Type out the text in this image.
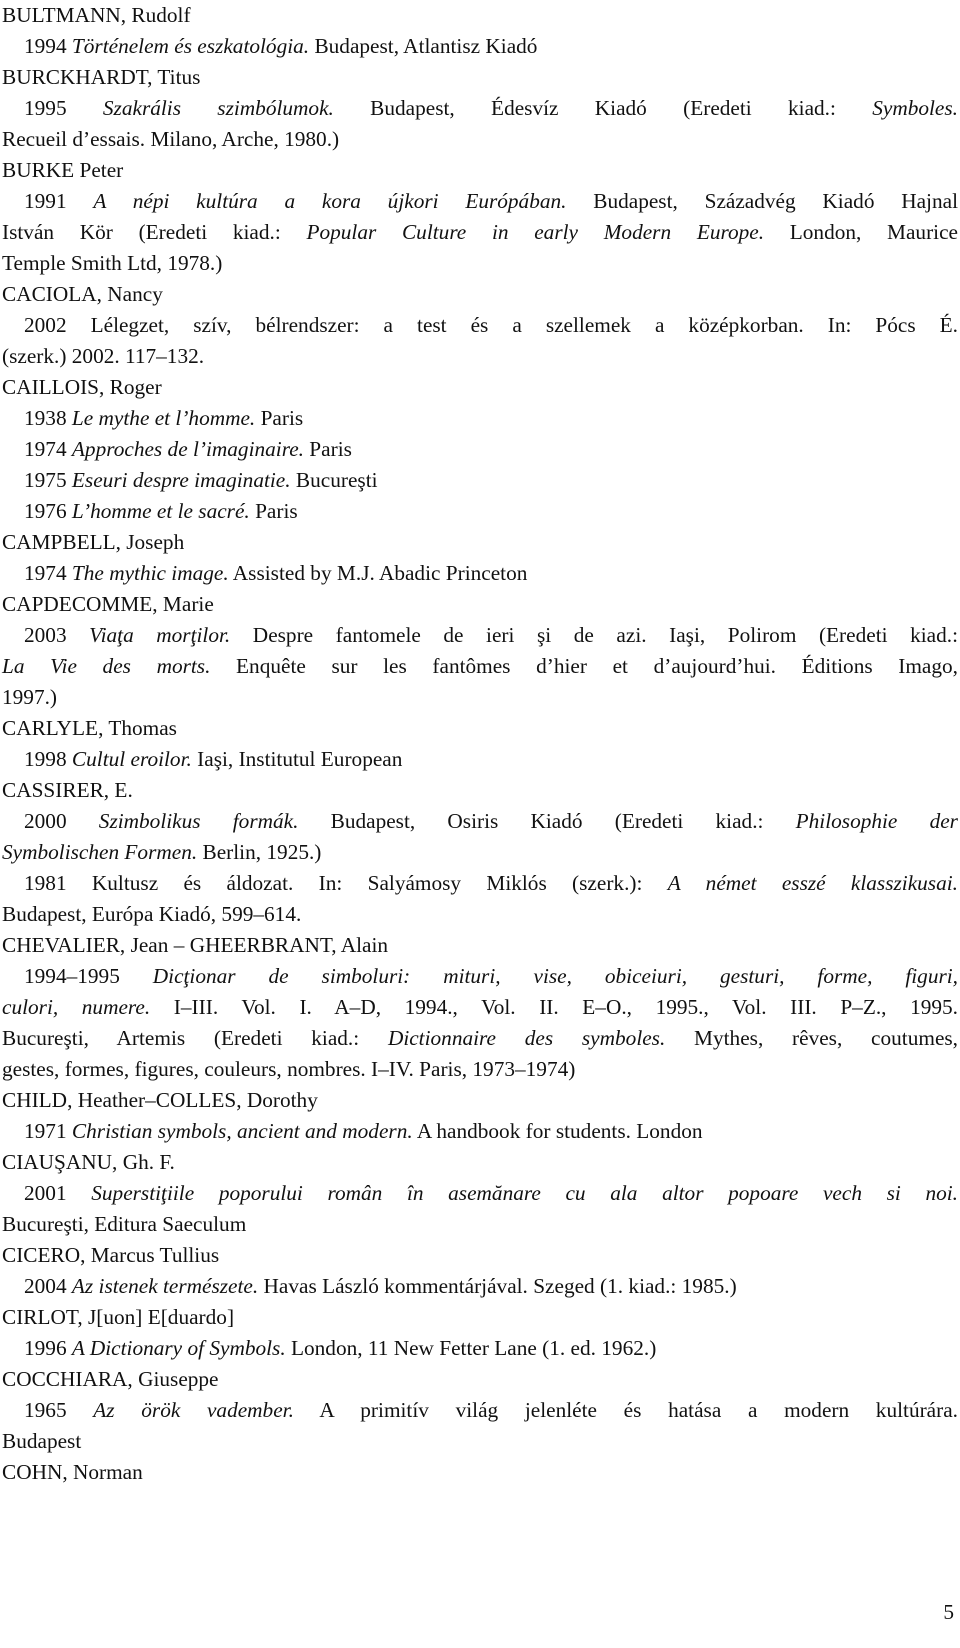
BULTMANN, Rudolf
1994 Történelem és eszkatológia. Budapest, Atlantisz Kiadó
BURCKHARDT, Titus
1995 Szakrális szimbólumok. Budapest, Édesvíz Kiadó (Eredeti kiad.: Symboles.
Recueil d’essais. Milano, Arche, 1980.)
BURKE Peter
1991 A népi kultúra a kora újkori Európában. Budapest, Századvég Kiadó Hajnal
István Kör (Eredeti kiad.: Popular Culture in early Modern Europe. London, Maurice
Temple Smith Ltd, 1978.)
CACIOLA, Nancy
2002 Lélegzet, szív, bélrendszer: a test és a szellemek a középkorban. In: Pócs É.
(szerk.) 2002. 117–132.
CAILLOIS, Roger
1938 Le mythe et l’homme. Paris
1974 Approches de l’imaginaire. Paris
1975 Eseuri despre imaginatie. Bucureşti
1976 L’homme et le sacré. Paris
CAMPBELL, Joseph
1974 The mythic image. Assisted by M.J. Abadic Princeton
CAPDECOMME, Marie
2003 Viaţa morţilor. Despre fantomele de ieri şi de azi. Iaşi, Polirom (Eredeti kiad.:
La Vie des morts. Enquête sur les fantômes d’hier et d’aujourd’hui. Éditions Imago,
1997.)
CARLYLE, Thomas
1998 Cultul eroilor. Iaşi, Institutul European
CASSIRER, E.
2000 Szimbolikus formák. Budapest, Osiris Kiadó (Eredeti kiad.: Philosophie der
Symbolischen Formen. Berlin, 1925.)
1981 Kultusz és áldozat. In: Salyámosy Miklós (szerk.): A német esszé klasszikusai.
Budapest, Európa Kiadó, 599–614.
CHEVALIER, Jean – GHEERBRANT, Alain
1994–1995 Dicţionar de simboluri: mituri, vise, obiceiuri, gesturi, forme, figuri,
culori, numere. I–III. Vol. I. A–D, 1994., Vol. II. E–O., 1995., Vol. III. P–Z., 1995.
Bucureşti, Artemis (Eredeti kiad.: Dictionnaire des symboles. Mythes, rêves, coutumes,
gestes, formes, figures, couleurs, nombres. I–IV. Paris, 1973–1974)
CHILD, Heather–COLLES, Dorothy
1971 Christian symbols, ancient and modern. A handbook for students. London
CIAUŞANU, Gh. F.
2001 Superstiţiile poporului român în asemănare cu ala altor popoare vech si noi.
Bucureşti, Editura Saeculum
CICERO, Marcus Tullius
2004 Az istenek természete. Havas László kommentárjával. Szeged (1. kiad.: 1985.)
CIRLOT, J[uon] E[duardo]
1996 A Dictionary of Symbols. London, 11 New Fetter Lane (1. ed. 1962.)
COCCHIARA, Giuseppe
1965 Az örök vadember. A primitív világ jelenléte és hatása a modern kultúrára.
Budapest
COHN, Norman
5
